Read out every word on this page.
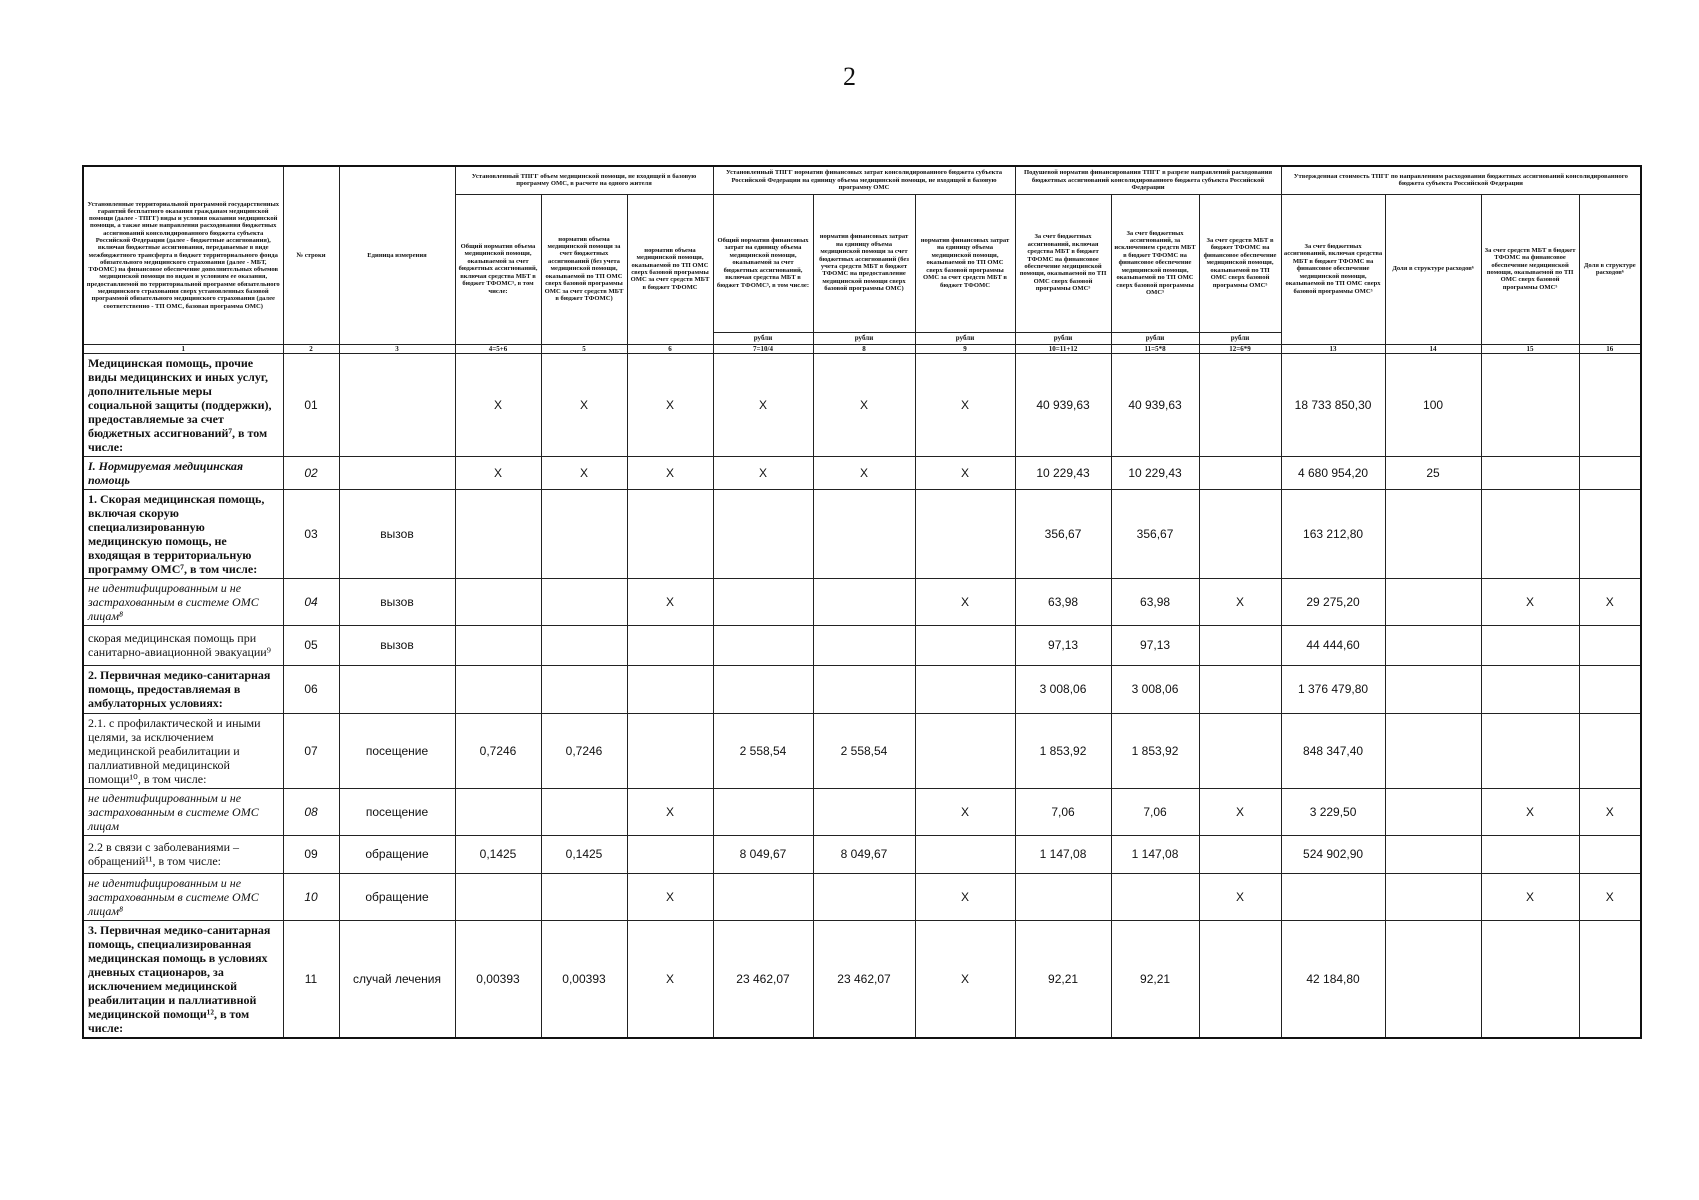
2
Установленные территориальной программой государственных гарантий бесплатного оказания гражданам медицинской помощи (далее - ТПГГ) виды и условия оказания медицинской помощи, а также иные направления расходования бюджетных ассигнований консолидированного бюджета субъекта Российской Федерации (далее - бюджетные ассигнования), включая бюджетные ассигнования, передаваемые в виде межбюджетного трансферта в бюджет территориального фонда обязательного медицинского страхования (далее - МБТ, ТФОМС) на финансовое обеспечение дополнительных объемов медицинской помощи по видам и условиям ее оказания, предоставляемой по территориальной программе обязательного медицинского страхования сверх установленных базовой программой обязательного медицинского страхования (далее соответственно - ТП ОМС, базовая программа ОМС)	№ строки	Единица измерения	Установленный ТПГГ объем медицинской помощи, не входящей в базовую программу ОМС, в расчете на одного жителя			Установленный ТПГГ норматив финансовых затрат консолидированного бюджета субъекта Российской Федерации на единицу объема медицинской помощи, не входящей в базовую программу ОМС			Подушевой норматив финансирования ТПГГ в разрезе направлений расходования бюджетных ассигнований консолидированного бюджета субъекта Российской Федерации			Утвержденная стоимость ТПГГ по направлениям расходования бюджетных ассигнований консолидированного бюджета субъекта Российской Федерации			
			Общий норматив объема медицинской помощи, оказываемой за счет бюджетных ассигнований, включая средства МБТ в бюджет ТФОМС⁵, в том числе:	норматив объема медицинской помощи за счет бюджетных ассигнований (без учета медицинской помощи, оказываемой по ТП ОМС сверх базовой программы ОМС за счет средств МБТ в бюджет ТФОМС)	норматив объема медицинской помощи, оказываемой по ТП ОМС сверх базовой программы ОМС за счет средств МБТ в бюджет ТФОМС	Общий норматив финансовых затрат на единицу объема медицинской помощи, оказываемой за счет бюджетных ассигнований, включая средства МБТ в бюджет ТФОМС⁵, в том числе:	норматив финансовых затрат на единицу объема медицинской помощи за счет бюджетных ассигнований (без учета средств МБТ в бюджет ТФОМС на предоставление медицинской помощи сверх базовой программы ОМС)	норматив финансовых затрат на единицу объема медицинской помощи, оказываемой по ТП ОМС сверх базовой программы ОМС за счет средств МБТ в бюджет ТФОМС	За счет бюджетных ассигнований, включая средства МБТ в бюджет ТФОМС на финансовое обеспечение медицинской помощи, оказываемой по ТП ОМС сверх базовой программы ОМС⁵	За счет бюджетных ассигнований, за исключением средств МБТ в бюджет ТФОМС на финансовое обеспечение медицинской помощи, оказываемой по ТП ОМС сверх базовой программы ОМС⁵	За счет средств МБТ в бюджет ТФОМС на финансовое обеспечение медицинской помощи, оказываемой по ТП ОМС сверх базовой программы ОМС⁵	За счет бюджетных ассигнований, включая средства МБТ в бюджет ТФОМС на финансовое обеспечение медицинской помощи, оказываемой по ТП ОМС сверх базовой программы ОМС⁵	Доля в структуре расходов⁶	За счет средств МБТ в бюджет ТФОМС на финансовое обеспечение медицинской помощи, оказываемой по ТП ОМС сверх базовой программы ОМС⁵	Доля в структуре расходов⁶
						рубли	рубли	рубли	рубли	рубли	рубли				
1	2	3	4=5+6	5	6	7=10/4	8	9	10=11+12	11=5*8	12=6*9	13	14	15	16
Медицинская помощь, прочие виды медицинских и иных услуг, дополнительные меры социальной защиты (поддержки), предоставляемые за счет бюджетных ассигнований⁷, в том числе:	01		X	X	X	X	X	X	40 939,63	40 939,63		18 733 850,30	100		
I. Нормируемая медицинская помощь	02		X	X	X	X	X	X	10 229,43	10 229,43		4 680 954,20	25		
1. Скорая медицинская помощь, включая скорую специализированную медицинскую помощь, не входящая в территориальную программу ОМС⁷, в том числе:	03	вызов							356,67	356,67		163 212,80			
не идентифицированным и не застрахованным в системе ОМС лицам⁸	04	вызов			X			X	63,98	63,98	X	29 275,20		X	X
скорая медицинская помощь при санитарно-авиационной эвакуации⁹	05	вызов							97,13	97,13		44 444,60			
2. Первичная медико-санитарная помощь, предоставляемая в амбулаторных условиях:	06								3 008,06	3 008,06		1 376 479,80			
2.1. с профилактической и иными целями, за исключением медицинской реабилитации и паллиативной медицинской помощи¹⁰, в том числе:	07	посещение	0,7246	0,7246		2 558,54	2 558,54		1 853,92	1 853,92		848 347,40			
не идентифицированным и не застрахованным в системе ОМС лицам	08	посещение			X			X	7,06	7,06	X	3 229,50		X	X
2.2 в связи с заболеваниями – обращений¹¹, в том числе:	09	обращение	0,1425	0,1425		8 049,67	8 049,67		1 147,08	1 147,08		524 902,90			
не идентифицированным и не застрахованным в системе ОМС лицам⁸	10	обращение			X			X			X			X	X
3. Первичная медико-санитарная помощь, специализированная медицинская помощь в условиях дневных стационаров, за исключением медицинской реабилитации и паллиативной медицинской помощи¹², в том числе:	11	случай лечения	0,00393	0,00393	X	23 462,07	23 462,07	X	92,21	92,21		42 184,80			
